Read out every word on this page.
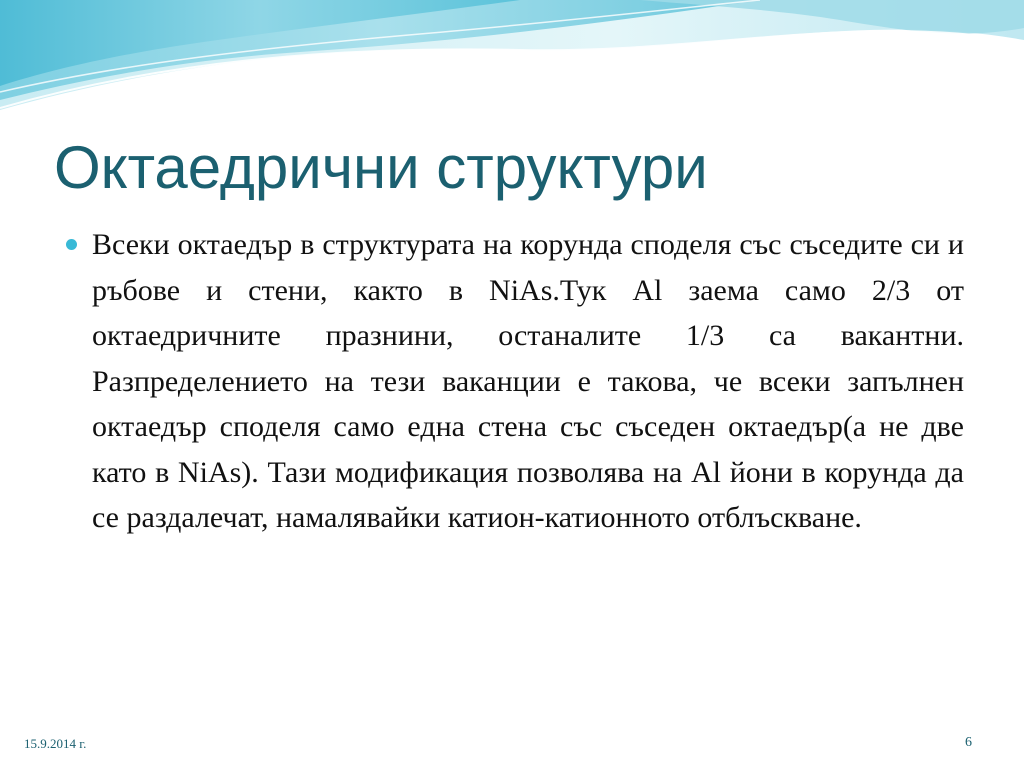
Октаедрични структури

Всеки октаедър в структурата на корунда споделя със съседите си и ръбове и стени, както в NiAs.Тук Al заема само 2/3 от октаедричните празнини, останалите 1/3 са вакантни. Разпределението на тези ваканции е такова, че всеки запълнен октаедър споделя само една стена със съседен октаедър(а не две като в NiAs). Тази модификация позволява на Al йони в корунда да се раздалечат, намалявайки катион-катионното отблъскване.

15.9.2014 г.	6
